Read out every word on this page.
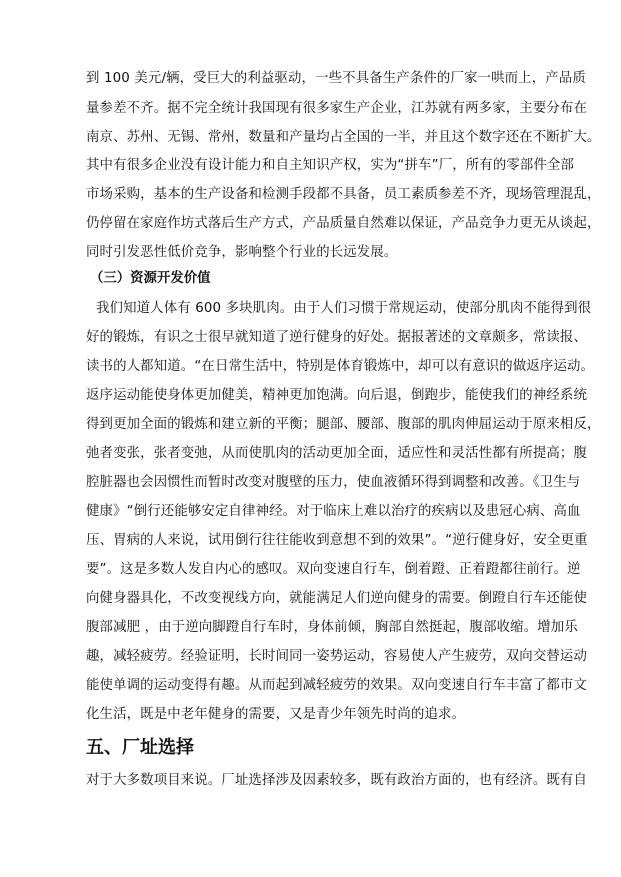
到 100 美元/辆，受巨大的利益驱动，一些不具备生产条件的厂家一哄而上，产品质
量参差不齐。据不完全统计我国现有很多家生产企业，江苏就有两多家，主要分布在
南京、苏州、无锡、常州，数量和产量均占全国的一半，并且这个数字还在不断扩大。
其中有很多企业没有设计能力和自主知识产权，实为“拼车”厂，所有的零部件全部
市场采购，基本的生产设备和检测手段都不具备，员工素质参差不齐，现场管理混乱，
仍停留在家庭作坊式落后生产方式，产品质量自然难以保证，产品竞争力更无从谈起，
同时引发恶性低价竞争，影响整个行业的长远发展。
（三）资源开发价值
我们知道人体有 600 多块肌肉。由于人们习惯于常规运动，使部分肌肉不能得到很
好的锻炼，有识之士很早就知道了逆行健身的好处。据报著述的文章颇多，常读报、
读书的人都知道。“在日常生活中，特别是体育锻炼中，却可以有意识的做返序运动。
返序运动能使身体更加健美，精神更加饱满。向后退，倒跑步，能使我们的神经系统
得到更加全面的锻炼和建立新的平衡；腿部、腰部、腹部的肌肉伸屈运动于原来相反，
弛者变张，张者变弛，从而使肌肉的活动更加全面，适应性和灵活性都有所提高；腹
腔脏器也会因惯性而暂时改变对腹壁的压力，使血液循环得到调整和改善。《卫生与
健康》“倒行还能够安定自律神经。对于临床上难以治疗的疾病以及患冠心病、高血
压、胃病的人来说，试用倒行往往能收到意想不到的效果”。“逆行健身好，安全更重
要”。这是多数人发自内心的感叹。双向变速自行车，倒着蹬、正着蹬都往前行。逆
向健身器具化，不改变视线方向，就能满足人们逆向健身的需要。倒蹬自行车还能使
腹部减肥 ，由于逆向脚蹬自行车时，身体前倾，胸部自然挺起，腹部收缩。增加乐
趣，减轻疲劳。经验证明，长时间同一姿势运动，容易使人产生疲劳，双向交替运动
能使单调的运动变得有趣。从而起到减轻疲劳的效果。双向变速自行车丰富了都市文
化生活，既是中老年健身的需要，又是青少年领先时尚的追求。
五、厂址选择
对于大多数项目来说。厂址选择涉及因素较多，既有政治方面的，也有经济。既有自
